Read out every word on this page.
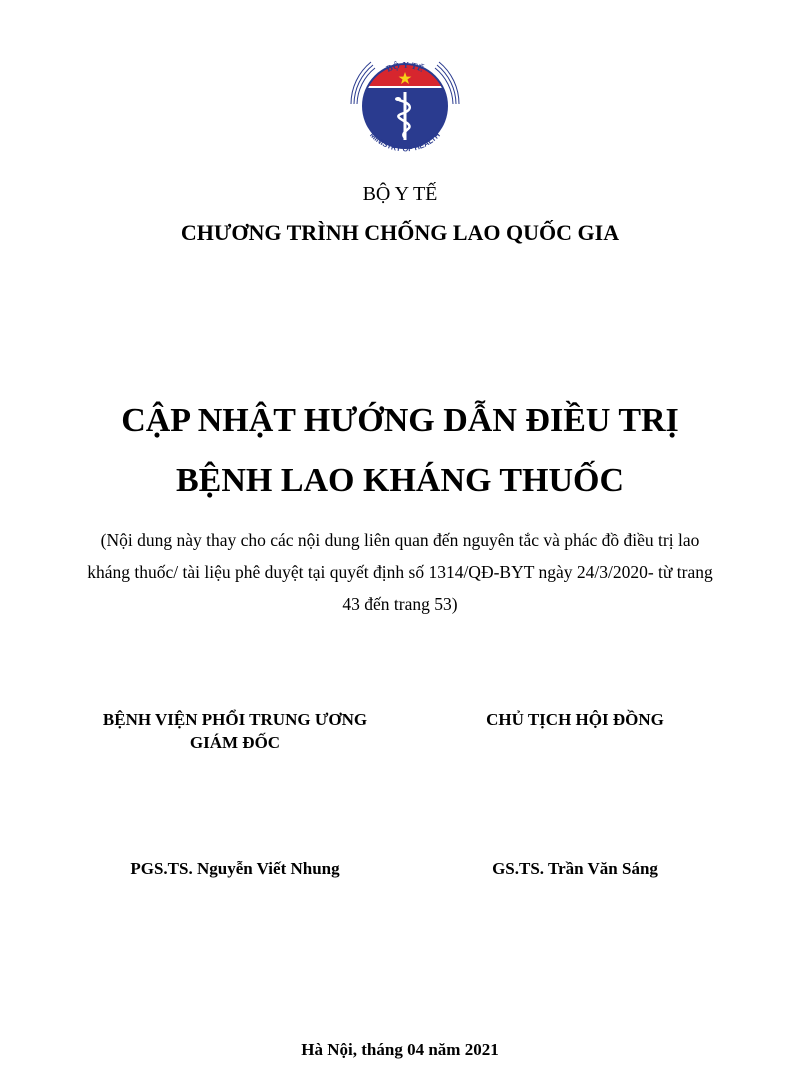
BỘ Y TẾ
MINISTRY OF HEALTH
BỘ Y TẾ
CHƯƠNG TRÌNH CHỐNG LAO QUỐC GIA
CẬP NHẬT HƯỚNG DẪN ĐIỀU TRỊ
BỆNH LAO KHÁNG THUỐC
(Nội dung này thay cho các nội dung liên quan đến nguyên tắc và phác đồ điều trị lao
kháng thuốc/ tài liệu phê duyệt tại quyết định số 1314/QĐ-BYT ngày 24/3/2020- từ trang
43 đến trang 53)
BỆNH VIỆN PHỔI TRUNG ƯƠNG
GIÁM ĐỐC
CHỦ TỊCH HỘI ĐỒNG
PGS.TS. Nguyễn Viết Nhung	GS.TS. Trần Văn Sáng
Hà Nội, tháng 04 năm 2021
